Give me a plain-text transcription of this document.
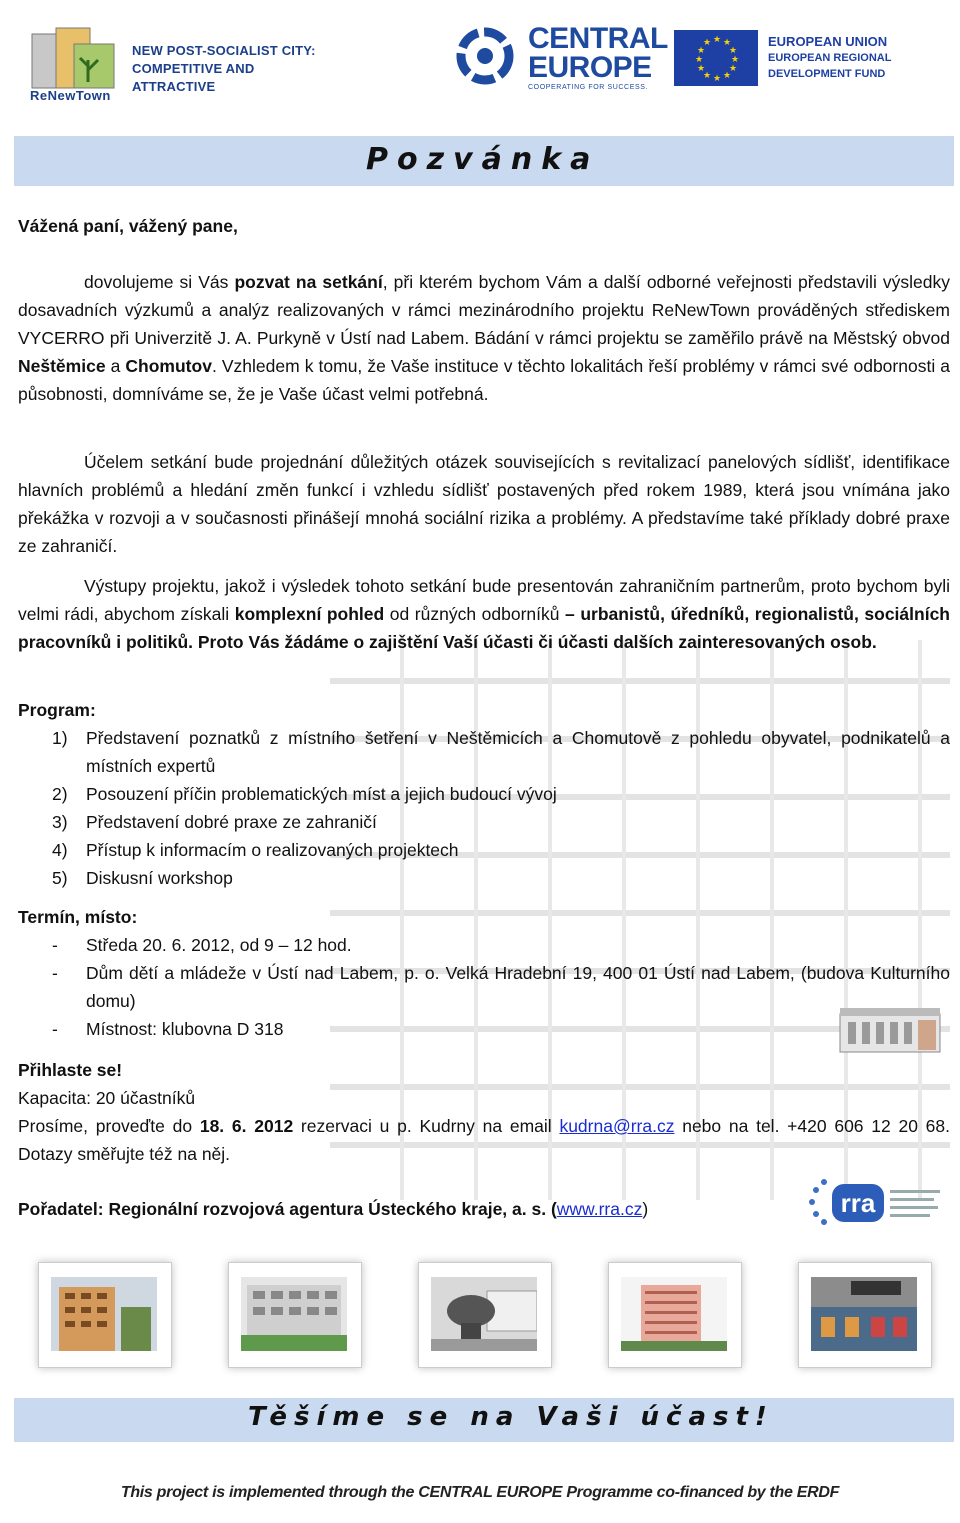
ReNewTown
NEW POST-SOCIALIST CITY:
COMPETITIVE AND ATTRACTIVE
CENTRAL
EUROPE
COOPERATING FOR SUCCESS.
★ ★
★
★
★
★
★
★
★
★
★
★	EUROPEAN UNION
EUROPEAN REGIONAL
DEVELOPMENT FUND
Pozvánka
Vážená paní, vážený pane,
dovolujeme si Vás pozvat na setkání, při kterém bychom Vám a další odborné veřejnosti představili výsledky dosavadních výzkumů a analýz realizovaných v rámci mezinárodního projektu ReNewTown prováděných střediskem VYCERRO při Univerzitě J. A. Purkyně v Ústí nad Labem. Bádání v rámci projektu se zaměřilo právě na Městský obvod Neštěmice a Chomutov. Vzhledem k tomu, že Vaše instituce v těchto lokalitách řeší problémy v rámci své odbornosti a působnosti, domníváme se, že je Vaše účast velmi potřebná.
Účelem setkání bude projednání důležitých otázek souvisejících s revitalizací panelových sídlišť, identifikace hlavních problémů a hledání změn funkcí i vzhledu sídlišť postavených před rokem 1989, která jsou vnímána jako překážka v rozvoji a v současnosti přinášejí mnohá sociální rizika a problémy. A představíme také příklady dobré praxe ze zahraničí.
Výstupy projektu, jakož i výsledek tohoto setkání bude presentován zahraničním partnerům, proto bychom byli velmi rádi, abychom získali komplexní pohled od různých odborníků – urbanistů, úředníků, regionalistů, sociálních pracovníků i politiků. Proto Vás žádáme o zajištění Vaší účasti či účasti dalších zainteresovaných osob.
Program:
1)	Představení poznatků z místního šetření v Neštěmicích a Chomutově z pohledu obyvatel, podnikatelů a místních expertů
2)	Posouzení příčin problematických míst a jejich budoucí vývoj
3)	Představení dobré praxe ze zahraničí
4)	Přístup k informacím o realizovaných projektech
5)	Diskusní workshop
Termín, místo:
-	Středa 20. 6. 2012, od 9 – 12 hod.
-	Dům dětí a mládeže v Ústí nad Labem, p. o. Velká Hradební 19, 400 01 Ústí nad Labem, (budova Kulturního domu)
-	Místnost: klubovna D 318
Přihlaste se!
Kapacita: 20 účastníků
Prosíme, proveďte do 18. 6. 2012 rezervaci u p. Kudrny na email kudrna@rra.cz nebo na tel. +420 606 12 20 68. Dotazy směřujte též na něj.
Pořadatel: Regionální rozvojová agentura Ústeckého kraje, a. s. (www.rra.cz)	rra
Těšíme se na Vaši účast!
This project is implemented through the CENTRAL EUROPE Programme co-financed by the ERDF
